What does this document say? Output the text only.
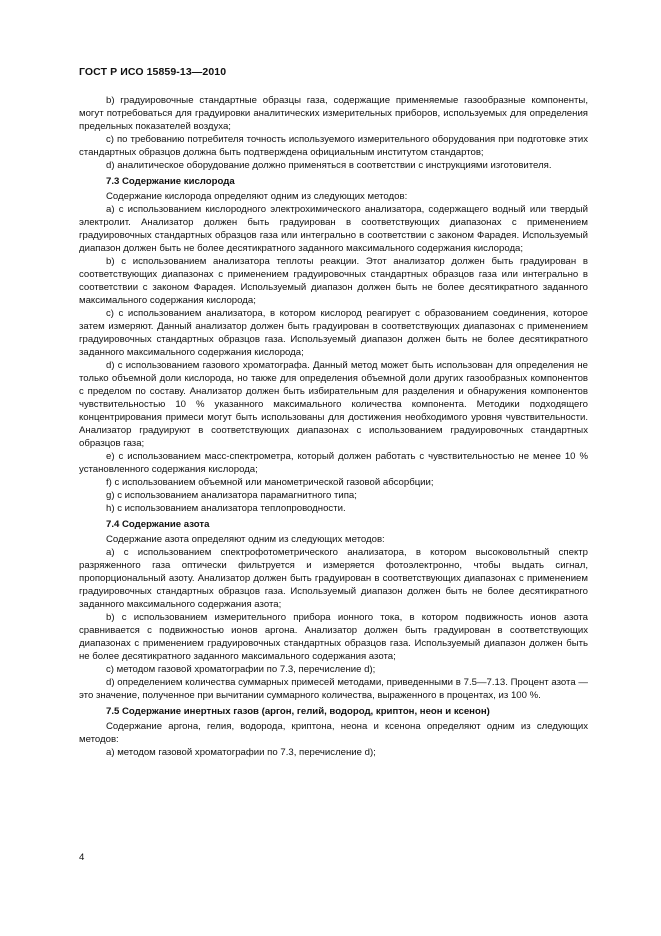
ГОСТ Р ИСО 15859-13—2010

b) градуировочные стандартные образцы газа, содержащие применяемые газообразные компоненты, могут потребоваться для градуировки аналитических измерительных приборов, используемых для определения предельных показателей воздуха;

c) по требованию потребителя точность используемого измерительного оборудования при подготовке этих стандартных образцов должна быть подтверждена официальным институтом стандартов;

d) аналитическое оборудование должно применяться в соответствии с инструкциями изготовителя.

7.3 Содержание кислорода

Содержание кислорода определяют одним из следующих методов:

a) с использованием кислородного электрохимического анализатора, содержащего водный или твердый электролит. Анализатор должен быть градуирован в соответствующих диапазонах с применением градуировочных стандартных образцов газа или интегрально в соответствии с законом Фарадея. Используемый диапазон должен быть не более десятикратного заданного максимального содержания кислорода;

b) с использованием анализатора теплоты реакции. Этот анализатор должен быть градуирован в соответствующих диапазонах с применением градуировочных стандартных образцов газа или интегрально в соответствии с законом Фарадея. Используемый диапазон должен быть не более десятикратного заданного максимального содержания кислорода;

c) с использованием анализатора, в котором кислород реагирует с образованием соединения, которое затем измеряют. Данный анализатор должен быть градуирован в соответствующих диапазонах с применением градуировочных стандартных образцов газа. Используемый диапазон должен быть не более десятикратного заданного максимального содержания кислорода;

d) с использованием газового хроматографа. Данный метод может быть использован для определения не только объемной доли кислорода, но также для определения объемной доли других газообразных компонентов с пределом по составу. Анализатор должен быть избирательным для разделения и обнаружения компонентов чувствительностью 10 % указанного максимального количества компонента. Методики подходящего концентрирования примеси могут быть использованы для достижения необходимого уровня чувствительности. Анализатор градуируют в соответствующих диапазонах с использованием градуировочных стандартных образцов газа;

e) с использованием масс-спектрометра, который должен работать с чувствительностью не менее 10 % установленного содержания кислорода;

f) с использованием объемной или манометрической газовой абсорбции;

g) с использованием анализатора парамагнитного типа;

h) с использованием анализатора теплопроводности.

7.4 Содержание азота

Содержание азота определяют одним из следующих методов:

a) с использованием спектрофотометрического анализатора, в котором высоковольтный спектр разряженного газа оптически фильтруется и измеряется фотоэлектронно, чтобы выдать сигнал, пропорциональный азоту. Анализатор должен быть градуирован в соответствующих диапазонах с применением градуировочных стандартных образцов газа. Используемый диапазон должен быть не более десятикратного заданного максимального содержания азота;

b) с использованием измерительного прибора ионного тока, в котором подвижность ионов азота сравнивается с подвижностью ионов аргона. Анализатор должен быть градуирован в соответствующих диапазонах с применением градуировочных стандартных образцов газа. Используемый диапазон должен быть не более десятикратного заданного максимального содержания азота;

c) методом газовой хроматографии по 7.3, перечисление d);

d) определением количества суммарных примесей методами, приведенными в 7.5—7.13. Процент азота — это значение, полученное при вычитании суммарного количества, выраженного в процентах, из 100 %.

7.5 Содержание инертных газов (аргон, гелий, водород, криптон, неон и ксенон)

Содержание аргона, гелия, водорода, криптона, неона и ксенона определяют одним из следующих методов:

a) методом газовой хроматографии по 7.3, перечисление d);

4
